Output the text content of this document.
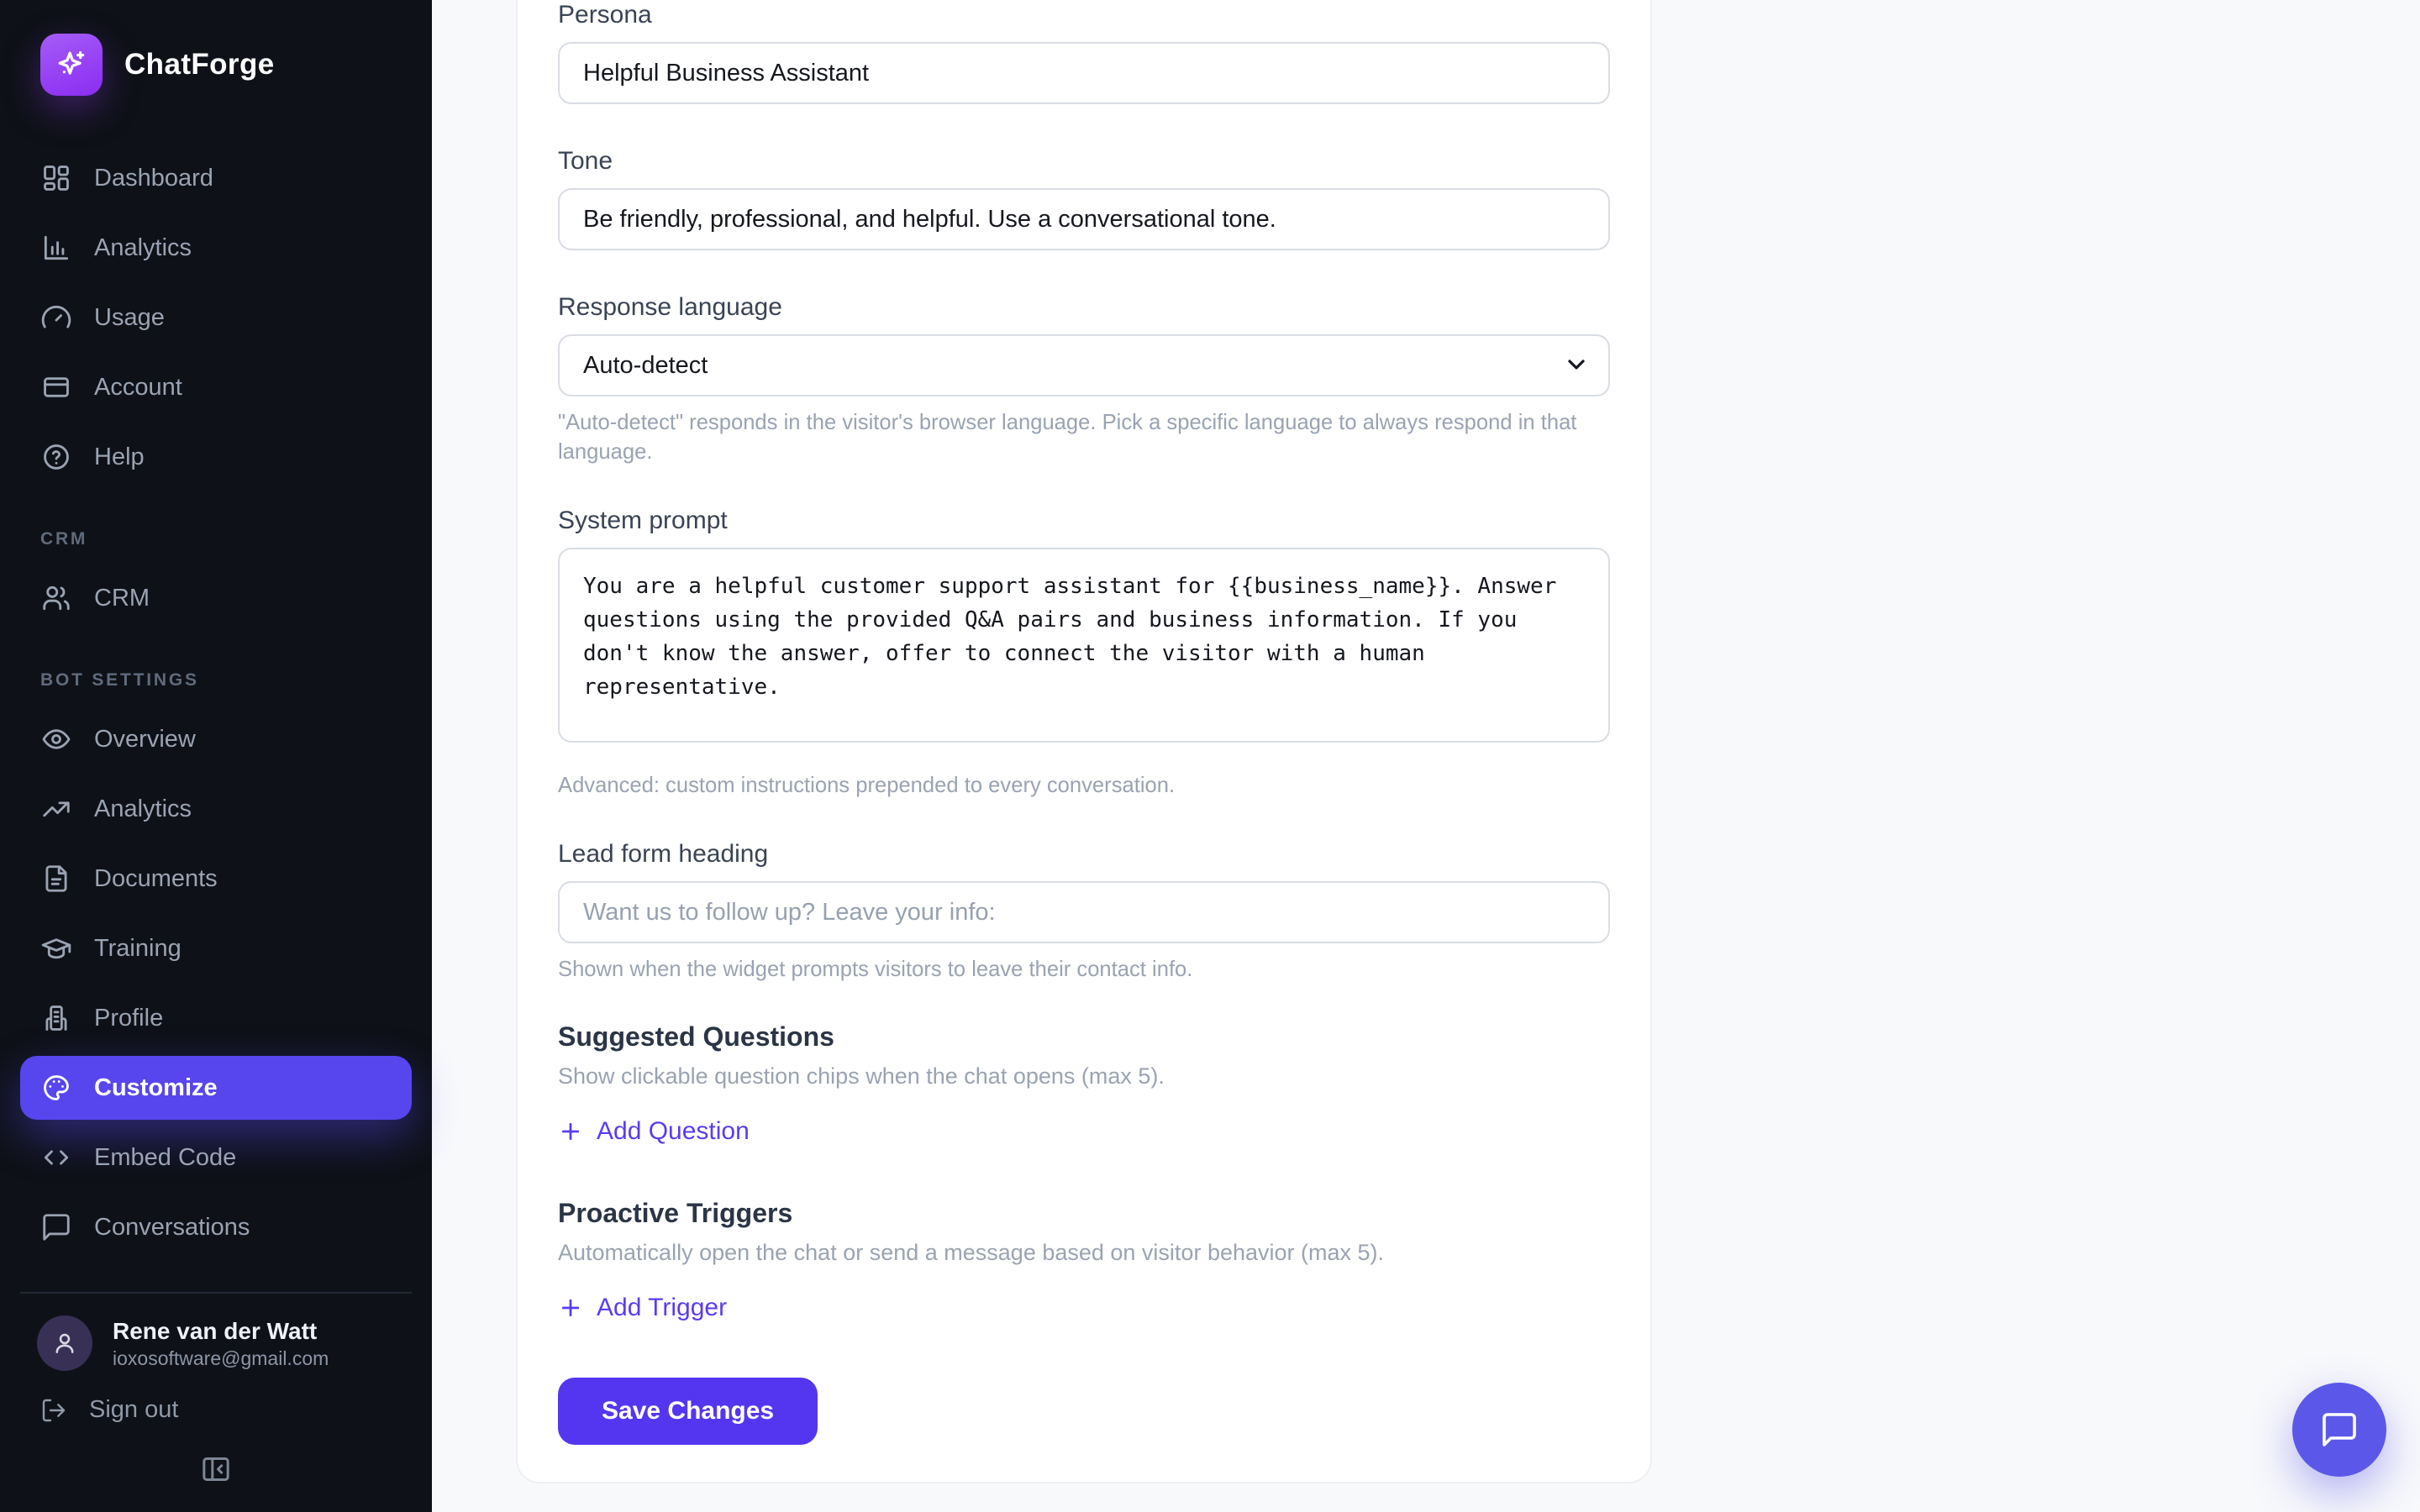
ChatForge
Dashboard
Analytics
Usage
Account
Help
CRM
CRM
BOT SETTINGS
Overview
Analytics
Documents
Training
Profile
Customize
Embed Code
Conversations
Rene van der Watt
ioxosoftware@gmail.com
Sign out
Persona
Helpful Business Assistant
Tone
Be friendly, professional, and helpful. Use a conversational tone.
Response language
Auto-detect
"Auto-detect" responds in the visitor's browser language. Pick a specific language to always respond in that language.
System prompt
You are a helpful customer support assistant for {{business_name}}. Answer questions using the provided Q&A pairs and business information. If you don't know the answer, offer to connect the visitor with a human representative.
Advanced: custom instructions prepended to every conversation.
Lead form heading
Want us to follow up? Leave your info:
Shown when the widget prompts visitors to leave their contact info.
Suggested Questions
Show clickable question chips when the chat opens (max 5).
Add Question
Proactive Triggers
Automatically open the chat or send a message based on visitor behavior (max 5).
Add Trigger
Save Changes
